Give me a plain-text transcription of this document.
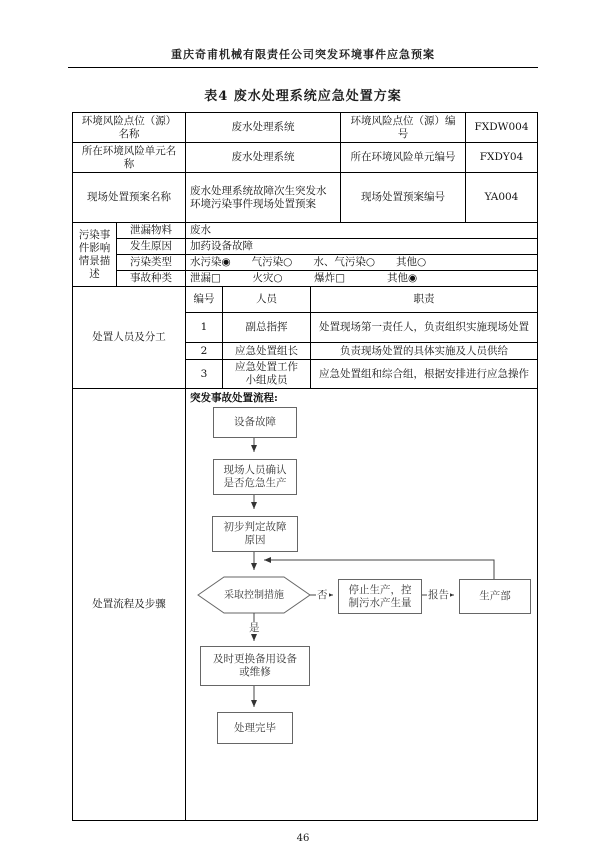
重庆奇甫机械有限责任公司突发环境事件应急预案
表4 废水处理系统应急处置方案
环境风险点位（源）名称	废水处理系统	环境风险点位（源）编号	FXDW004
所在环境风险单元名称	废水处理系统	所在环境风险单元编号	FXDY04
现场处置预案名称	废水处理系统故障次生突发水环境污染事件现场处置预案	现场处置预案编号	YA004
污染事件影响情景描述	泄漏物料	废水
	发生原因	加药设备故障
	污染类型	水污染◉　　气污染○　　水、气污染○　　其他○
	事故种类	泄漏□　　　火灾○　　　爆炸□　　　　其他◉
处置人员及分工	编号	人员	职责
	1	副总指挥	处置现场第一责任人，负责组织实施现场处置
	2	应急处置组长	负责现场处置的具体实施及人员供给
	3	应急处置工作小组成员	应急处置组和综合组，根据安排进行应急操作
处置流程及步骤	
突发事故处置流程:
设备故障
现场人员确认是否危急生产
初步判定故障原因
采取控制措施	否 停止生产，控制污水产生量
报告	生产部
是
及时更换备用设备或维修
处理完毕
46
